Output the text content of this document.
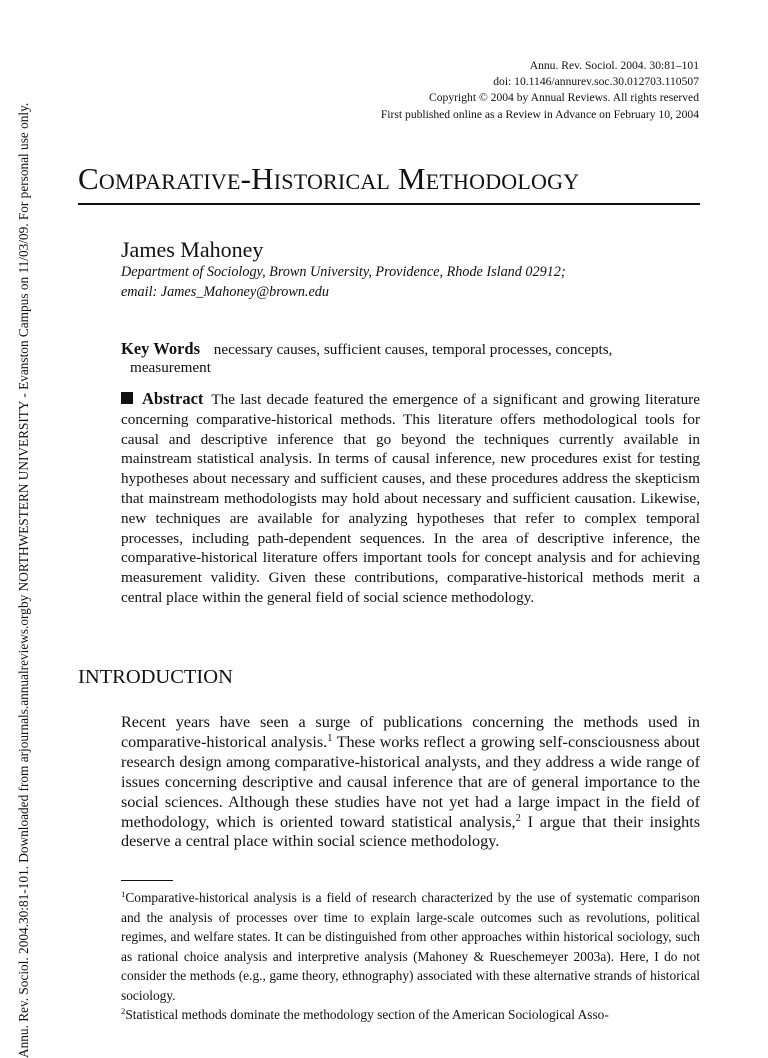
Annu. Rev. Sociol. 2004.30:81-101. Downloaded from arjournals.annualreviews.org
by NORTHWESTERN UNIVERSITY - Evanston Campus on 11/03/09. For personal use only.
Annu. Rev. Sociol. 2004. 30:81–101
doi: 10.1146/annurev.soc.30.012703.110507
Copyright © 2004 by Annual Reviews. All rights reserved
First published online as a Review in Advance on February 10, 2004
Comparative-Historical Methodology
James Mahoney
Department of Sociology, Brown University, Providence, Rhode Island 02912;
email: James_Mahoney@brown.edu
Key Words necessary causes, sufficient causes, temporal processes, concepts,
measurement
Abstract The last decade featured the emergence of a significant and growing literature concerning comparative-historical methods. This literature offers methodological tools for causal and descriptive inference that go beyond the techniques currently available in mainstream statistical analysis. In terms of causal inference, new procedures exist for testing hypotheses about necessary and sufficient causes, and these procedures address the skepticism that mainstream methodologists may hold about necessary and sufficient causation. Likewise, new techniques are available for analyzing hypotheses that refer to complex temporal processes, including path-dependent sequences. In the area of descriptive inference, the comparative-historical literature offers important tools for concept analysis and for achieving measurement validity. Given these contributions, comparative-historical methods merit a central place within the general field of social science methodology.
INTRODUCTION
Recent years have seen a surge of publications concerning the methods used in comparative-historical analysis.$^1$ These works reflect a growing self-consciousness about research design among comparative-historical analysts, and they address a wide range of issues concerning descriptive and causal inference that are of general importance to the social sciences. Although these studies have not yet had a large impact in the field of methodology, which is oriented toward statistical analysis,$^2$ I argue that their insights deserve a central place within social science methodology.
$^1$Comparative-historical analysis is a field of research characterized by the use of systematic comparison and the analysis of processes over time to explain large-scale outcomes such as revolutions, political regimes, and welfare states. It can be distinguished from other approaches within historical sociology, such as rational choice analysis and interpretive analysis (Mahoney & Rueschemeyer 2003a). Here, I do not consider the methods (e.g., game theory, ethnography) associated with these alternative strands of historical sociology.
$^2$Statistical methods dominate the methodology section of the American Sociological Asso-
